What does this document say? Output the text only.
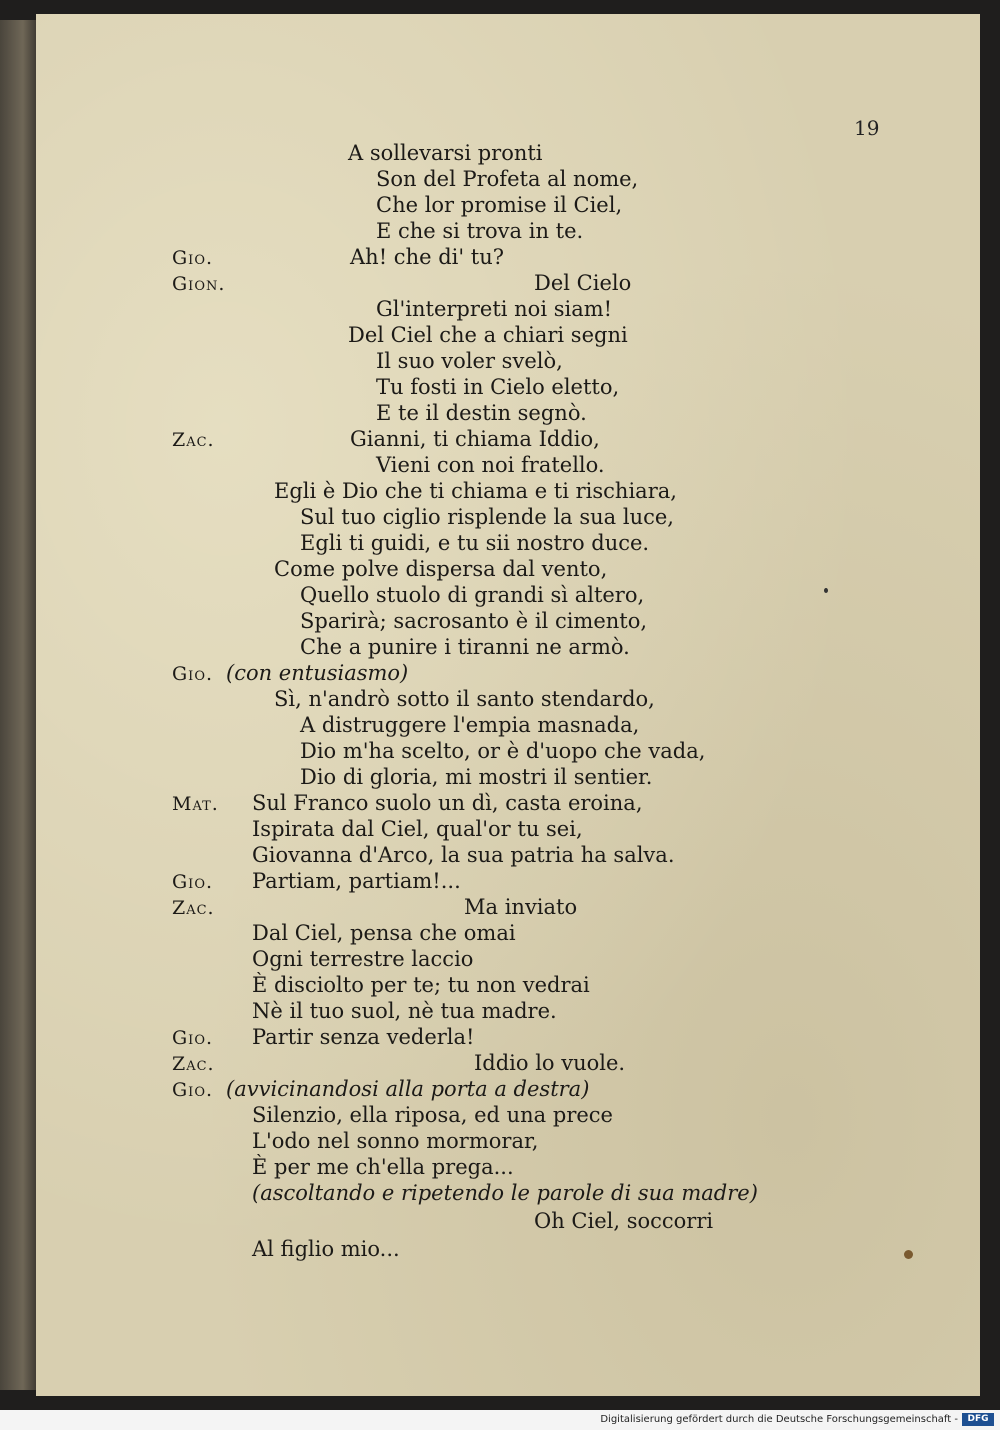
19
A sollevarsi pronti
Son del Profeta al nome,
Che lor promise il Ciel,
E che si trova in te.
Gio.	Ah! che di' tu?
Gion.	Del Cielo
Gl'interpreti noi siam!
Del Ciel che a chiari segni
Il suo voler svelò,
Tu fosti in Cielo eletto,
E te il destin segnò.
Zac.	Gianni, ti chiama Iddio,
Vieni con noi fratello.
Egli è Dio che ti chiama e ti rischiara,
Sul tuo ciglio risplende la sua luce,
Egli ti guidi, e tu sii nostro duce.
Come polve dispersa dal vento,
Quello stuolo di grandi sì altero,
Sparirà; sacrosanto è il cimento,
Che a punire i tiranni ne armò.
Gio. (con entusiasmo)
Sì, n'andrò sotto il santo stendardo,
A distruggere l'empia masnada,
Dio m'ha scelto, or è d'uopo che vada,
Dio di gloria, mi mostri il sentier.
Mat. Sul Franco suolo un dì, casta eroina,
Ispirata dal Ciel, qual'or tu sei,
Giovanna d'Arco, la sua patria ha salva.
Gio. Partiam, partiam!...
Zac.	Ma inviato
Dal Ciel, pensa che omai
Ogni terrestre laccio
È disciolto per te; tu non vedrai
Nè il tuo suol, nè tua madre.
Gio. Partir senza vederla!
Zac.	Iddio lo vuole.
Gio. (avvicinandosi alla porta a destra)
Silenzio, ella riposa, ed una prece
L'odo nel sonno mormorar,
È per me ch'ella prega...
(ascoltando e ripetendo le parole di sua madre)
Oh Ciel, soccorri
Al figlio mio...
Digitalisierung gefördert durch die Deutsche Forschungsgemeinschaft -	DFG
